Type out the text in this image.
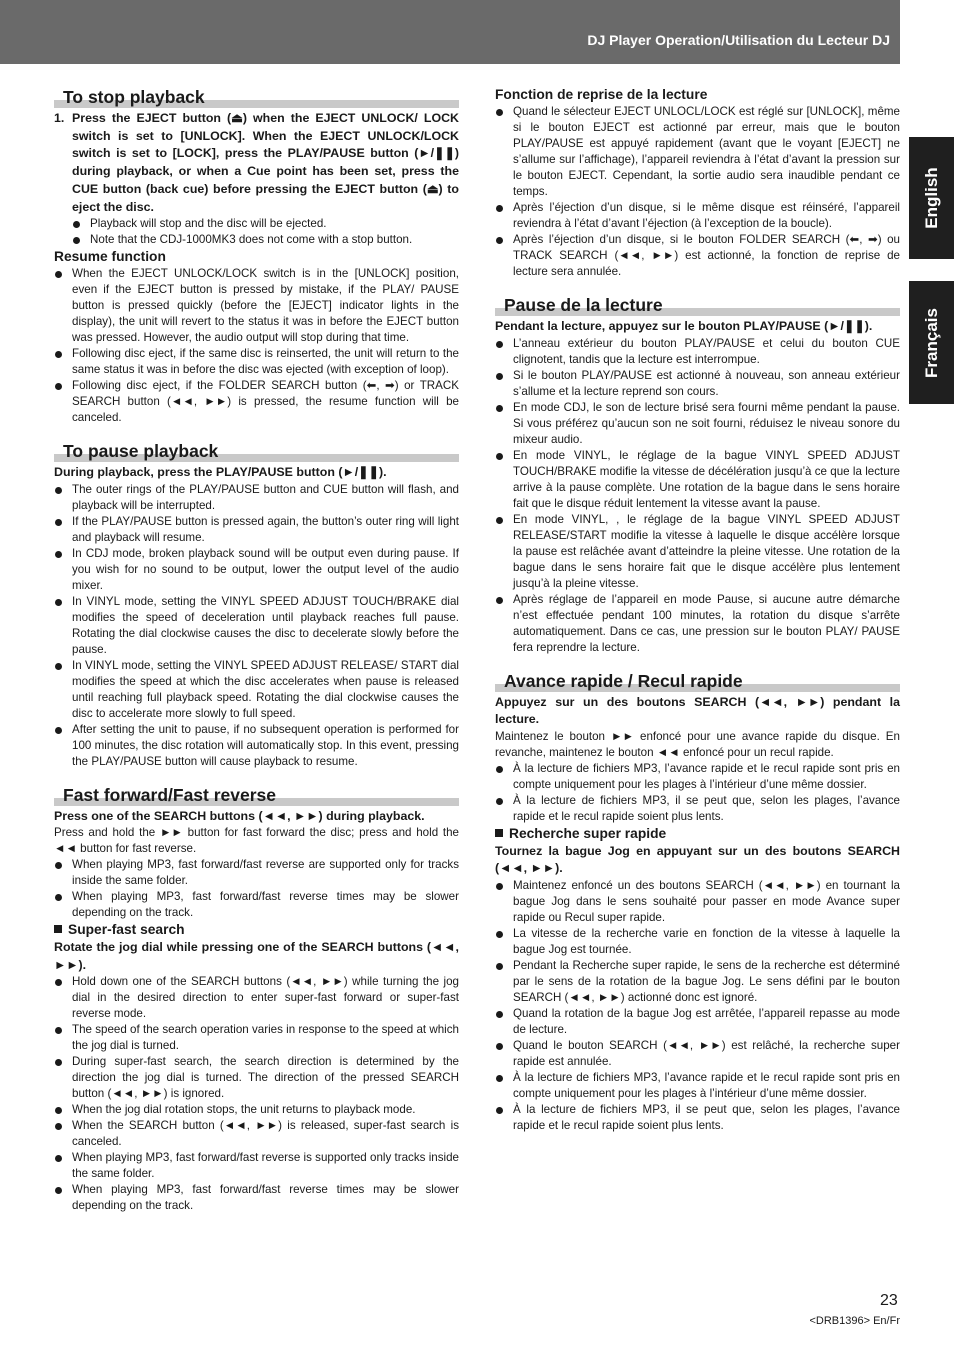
DJ Player Operation/Utilisation du Lecteur DJ
English
Français
To stop playback
1. Press the EJECT button (⏏) when the EJECT UNLOCK/ LOCK switch is set to [UNLOCK]. When the EJECT UNLOCK/LOCK switch is set to [LOCK], press the PLAY/PAUSE button (►/❚❚) during playback, or when a Cue point has been set, press the CUE button (back cue) before pressing the EJECT button (⏏) to eject the disc.
Playback will stop and the disc will be ejected.
Note that the CDJ-1000MK3 does not come with a stop button.
Resume function
When the EJECT UNLOCK/LOCK switch is in the [UNLOCK] position, even if the EJECT button is pressed by mistake, if the PLAY/ PAUSE button is pressed quickly (before the [EJECT] indicator lights in the display), the unit will revert to the status it was in before the EJECT button was pressed. However, the audio output will stop during that time.
Following disc eject, if the same disc is reinserted, the unit will return to the same status it was in before the disc was ejected (with exception of loop).
Following disc eject, if the FOLDER SEARCH button (⬅, ➡) or TRACK SEARCH button (◄◄, ►►) is pressed, the resume function will be canceled.
To pause playback
During playback, press the PLAY/PAUSE button (►/❚❚).
The outer rings of the PLAY/PAUSE button and CUE button will flash, and playback will be interrupted.
If the PLAY/PAUSE button is pressed again, the button’s outer ring will light and playback will resume.
In CDJ mode, broken playback sound will be output even during pause. If you wish for no sound to be output, lower the output level of the audio mixer.
In VINYL mode, setting the VINYL SPEED ADJUST TOUCH/BRAKE dial modifies the speed of deceleration until playback reaches full pause. Rotating the dial clockwise causes the disc to decelerate slowly before the pause.
In VINYL mode, setting the VINYL SPEED ADJUST RELEASE/ START dial modifies the speed at which the disc accelerates when pause is released until reaching full playback speed. Rotating the dial clockwise causes the disc to accelerate more slowly to full speed.
After setting the unit to pause, if no subsequent operation is performed for 100 minutes, the disc rotation will automatically stop. In this event, pressing the PLAY/PAUSE button will cause playback to resume.
Fast forward/Fast reverse
Press one of the SEARCH buttons (◄◄, ►►) during playback.

Press and hold the ►► button for fast forward the disc; press and hold the ◄◄ button for fast reverse.

When playing MP3, fast forward/fast reverse are supported only for tracks inside the same folder.
When playing MP3, fast forward/fast reverse times may be slower depending on the track.
Super-fast search
Rotate the jog dial while pressing one of the SEARCH buttons (◄◄, ►►).
Hold down one of the SEARCH buttons (◄◄, ►►) while turning the jog dial in the desired direction to enter super-fast forward or super-fast reverse mode.
The speed of the search operation varies in response to the speed at which the jog dial is turned.
During super-fast search, the search direction is determined by the direction the jog dial is turned. The direction of the pressed SEARCH button (◄◄, ►►) is ignored.
When the jog dial rotation stops, the unit returns to playback mode.
When the SEARCH button (◄◄, ►►) is released, super-fast search is canceled.
When playing MP3, fast forward/fast reverse is supported only tracks inside the same folder.
When playing MP3, fast forward/fast reverse times may be slower depending on the track.
Fonction de reprise de la lecture
Quand le sélecteur EJECT UNLOCL/LOCK est réglé sur [UNLOCK], même si le bouton EJECT est actionné par erreur, mais que le bouton PLAY/PAUSE est appuyé rapidement (avant que le voyant [EJECT] ne s’allume sur l’affichage), l’appareil reviendra à l’état d’avant la pression sur le bouton EJECT. Cependant, la sortie audio sera inaudible pendant ce temps.
Après l’éjection d’un disque, si le même disque est réinséré, l’appareil reviendra à l’état d’avant l’éjection (à l’exception de la boucle).
Après l’éjection d’un disque, si le bouton FOLDER SEARCH (⬅, ➡) ou TRACK SEARCH (◄◄, ►►) est actionné, la fonction de reprise de lecture sera annulée.
Pause de la lecture
Pendant la lecture, appuyez sur le bouton PLAY/PAUSE (►/❚❚).
L’anneau extérieur du bouton PLAY/PAUSE et celui du bouton CUE clignotent, tandis que la lecture est interrompue.
Si le bouton PLAY/PAUSE est actionné à nouveau, son anneau extérieur s’allume et la lecture reprend son cours.
En mode CDJ, le son de lecture brisé sera fourni même pendant la pause. Si vous préférez qu’aucun son ne soit fourni, réduisez le niveau sonore du mixeur audio.
En mode VINYL, le réglage de la bague VINYL SPEED ADJUST TOUCH/BRAKE modifie la vitesse de décélération jusqu’à ce que la lecture arrive à la pause complète. Une rotation de la bague dans le sens horaire fait que le disque réduit lentement la vitesse avant la pause.
En mode VINYL, , le réglage de la bague VINYL SPEED ADJUST RELEASE/START modifie la vitesse à laquelle le disque accélère lorsque la pause est relâchée avant d’atteindre la pleine vitesse. Une rotation de la bague dans le sens horaire fait que le disque accélère plus lentement jusqu’à la pleine vitesse.
Après réglage de l’appareil en mode Pause, si aucune autre démarche n’est effectuée pendant 100 minutes, la rotation du disque s’arrête automatiquement. Dans ce cas, une pression sur le bouton PLAY/ PAUSE fera reprendre la lecture.
Avance rapide / Recul rapide
Appuyez sur un des boutons SEARCH (◄◄, ►►) pendant la lecture.

Maintenez le bouton ►► enfoncé pour une avance rapide du disque. En revanche, maintenez le bouton ◄◄ enfoncé pour un recul rapide.

À la lecture de fichiers MP3, l’avance rapide et le recul rapide sont pris en compte uniquement pour les plages à l’intérieur d’une même dossier.
À la lecture de fichiers MP3, il se peut que, selon les plages, l’avance rapide et le recul rapide soient plus lents.
Recherche super rapide
Tournez la bague Jog en appuyant sur un des boutons SEARCH (◄◄, ►►).
Maintenez enfoncé un des boutons SEARCH (◄◄, ►►) en tournant la bague Jog dans le sens souhaité pour passer en mode Avance super rapide ou Recul super rapide.
La vitesse de la recherche varie en fonction de la vitesse à laquelle la bague Jog est tournée.
Pendant la Recherche super rapide, le sens de la recherche est déterminé par le sens de la rotation de la bague Jog. Le sens défini par le bouton SEARCH (◄◄, ►►) actionné donc est ignoré.
Quand la rotation de la bague Jog est arrêtée, l’appareil repasse au mode de lecture.
Quand le bouton SEARCH (◄◄, ►►) est relâché, la recherche super rapide est annulée.
À la lecture de fichiers MP3, l’avance rapide et le recul rapide sont pris en compte uniquement pour les plages à l’intérieur d’une même dossier.
À la lecture de fichiers MP3, il se peut que, selon les plages, l’avance rapide et le recul rapide soient plus lents.
23
<DRB1396> En/Fr
